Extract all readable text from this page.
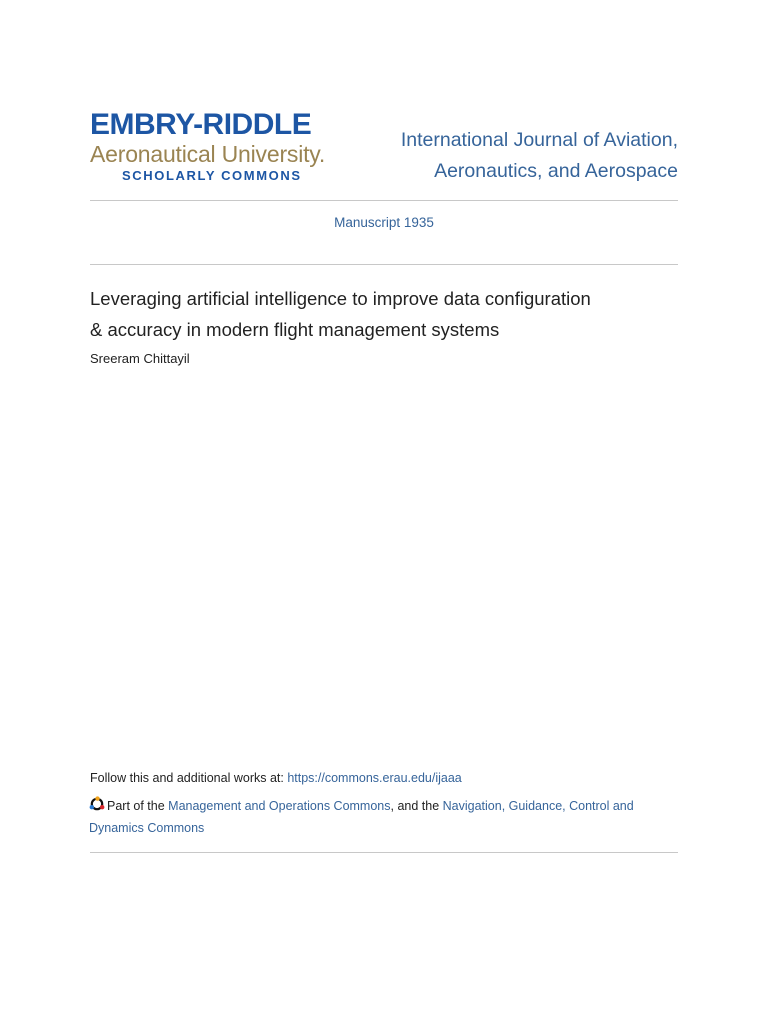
EMBRY-RIDDLE
Aeronautical University.
SCHOLARLY COMMONS
International Journal of Aviation,
Aeronautics, and Aerospace
Manuscript 1935
Leveraging artificial intelligence to improve data configuration
& accuracy in modern flight management systems
Sreeram Chittayil
Follow this and additional works at: https://commons.erau.edu/ijaaa
Part of the Management and Operations Commons, and the Navigation, Guidance, Control and Dynamics Commons
